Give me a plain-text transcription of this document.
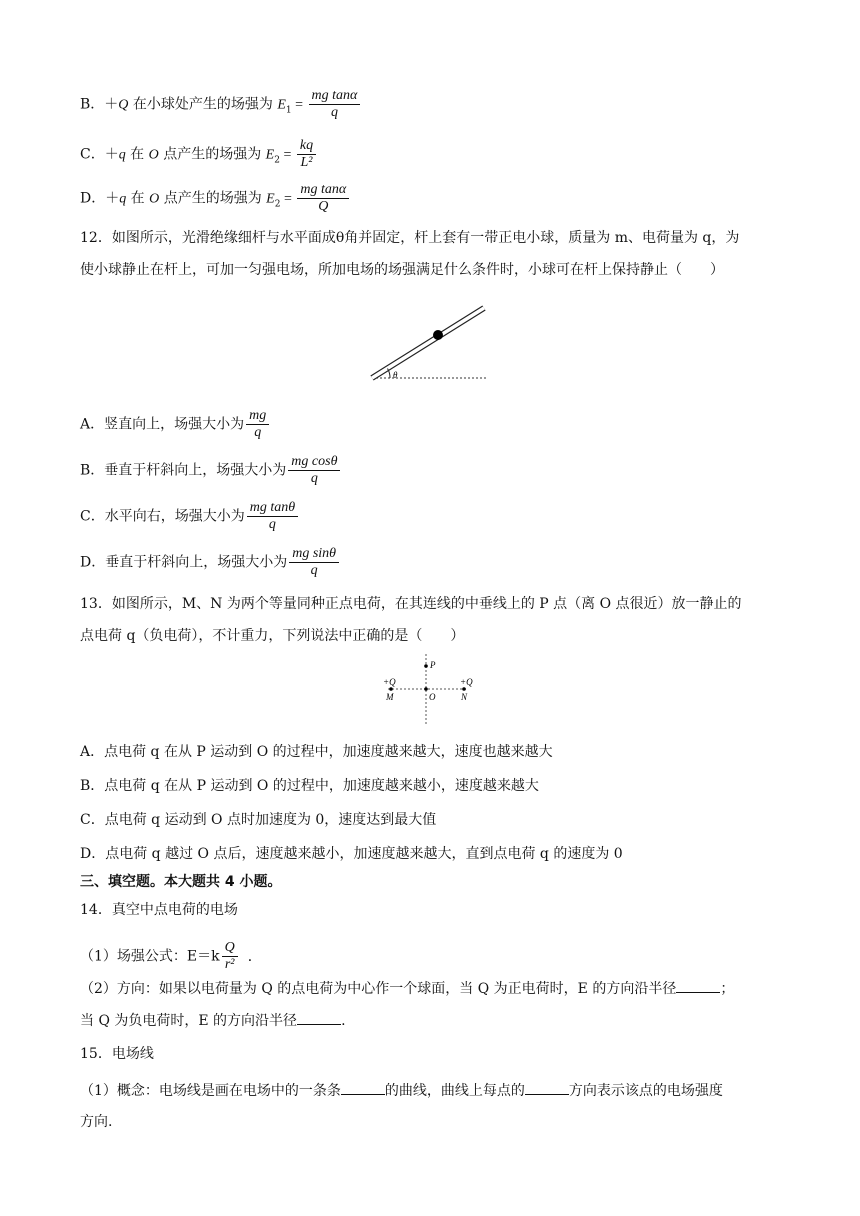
B．＋Q 在小球处产生的场强为 $E_1 = \frac{\text{mg tanα}}{q}$
C．＋q 在 O 点产生的场强为 $E_2 = \frac{kq}{\text{L²}}$
D．＋q 在 O 点产生的场强为 $E_2 = \frac{\text{mg tanα}}{Q}$
12．如图所示，光滑绝缘细杆与水平面成θ角并固定，杆上套有一带正电小球，质量为 m、电荷量为 q，为
使小球静止在杆上，可加一匀强电场，所加电场的场强满足什么条件时，小球可在杆上保持静止（　　）
θ
A．竖直向上，场强大小为 $\frac{mg}{q}$
B．垂直于杆斜向上，场强大小为 $\frac{\text{mg cosθ}}{q}$
C．水平向右，场强大小为 $\frac{\text{mg tanθ}}{q}$
D．垂直于杆斜向上，场强大小为 $\frac{\text{mg sinθ}}{q}$
13．如图所示，M、N 为两个等量同种正点电荷，在其连线的中垂线上的 P 点（离 O 点很近）放一静止的
点电荷 q（负电荷），不计重力，下列说法中正确的是（　　）
P
+Q
M	O
+Q
N
A．点电荷 q 在从 P 运动到 O 的过程中，加速度越来越大，速度也越来越大
B．点电荷 q 在从 P 运动到 O 的过程中，加速度越来越小，速度越来越大
C．点电荷 q 运动到 O 点时加速度为 0，速度达到最大值
D．点电荷 q 越过 O 点后，速度越来越小，加速度越来越大，直到点电荷 q 的速度为 0
三、填空题。本大题共 4 小题。
14．真空中点电荷的电场
（1）场强公式：$E=k \frac{Q}{\text{r²}}$ ．
（2）方向：如果以电荷量为 Q 的点电荷为中心作一个球面，当 Q 为正电荷时，E 的方向沿半径	；
当 Q 为负电荷时，E 的方向沿半径	.
15．电场线
（1）概念：电场线是画在电场中的一条条	的曲线，曲线上每点的	方向表示该点的电场强度
方向.
